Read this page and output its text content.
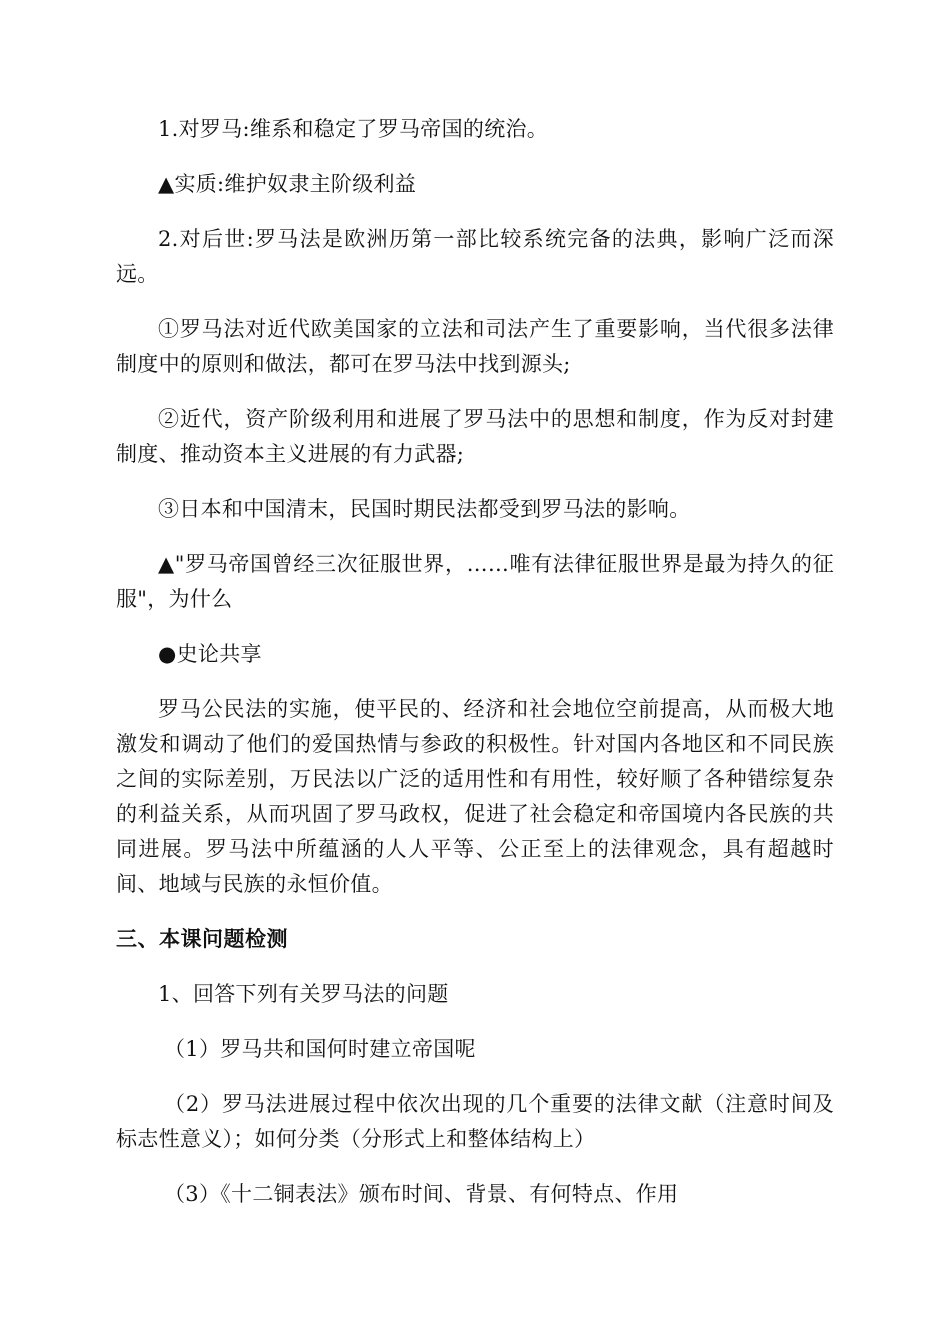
1.对罗马:维系和稳定了罗马帝国的统治。

▲实质:维护奴隶主阶级利益

2.对后世:罗马法是欧洲历第一部比较系统完备的法典，影响广泛而深远。

①罗马法对近代欧美国家的立法和司法产生了重要影响，当代很多法律制度中的原则和做法，都可在罗马法中找到源头;

②近代，资产阶级利用和进展了罗马法中的思想和制度，作为反对封建制度、推动资本主义进展的有力武器;

③日本和中国清末，民国时期民法都受到罗马法的影响。

▲"罗马帝国曾经三次征服世界，……唯有法律征服世界是最为持久的征服"，为什么

●史论共享

罗马公民法的实施，使平民的、经济和社会地位空前提高，从而极大地激发和调动了他们的爱国热情与参政的积极性。针对国内各地区和不同民族之间的实际差别，万民法以广泛的适用性和有用性，较好顺了各种错综复杂的利益关系，从而巩固了罗马政权，促进了社会稳定和帝国境内各民族的共同进展。罗马法中所蕴涵的人人平等、公正至上的法律观念，具有超越时间、地域与民族的永恒价值。

三、本课问题检测

1、回答下列有关罗马法的问题

（1）罗马共和国何时建立帝国呢

（2）罗马法进展过程中依次出现的几个重要的法律文献（注意时间及标志性意义）；如何分类（分形式上和整体结构上）

（3）《十二铜表法》颁布时间、背景、有何特点、作用
